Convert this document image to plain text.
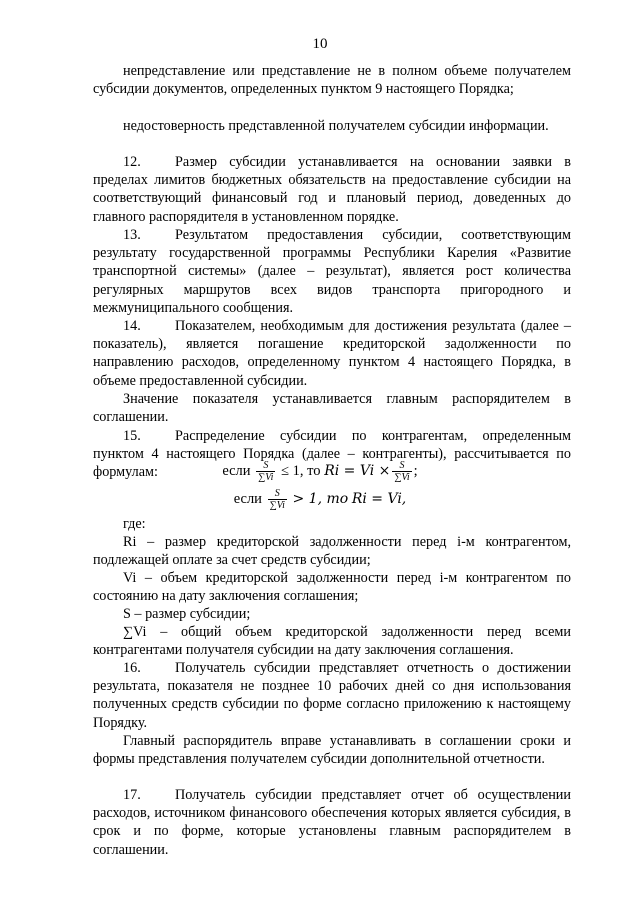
10

непредставление или представление не в полном объеме получателем субсидии документов, определенных пунктом 9 настоящего Порядка;

недостоверность представленной получателем субсидии информации.

12. Размер субсидии устанавливается на основании заявки в пределах лимитов бюджетных обязательств на предоставление субсидии на соответствующий финансовый год и плановый период, доведенных до главного распорядителя в установленном порядке.

13. Результатом предоставления субсидии, соответствующим результату государственной программы Республики Карелия «Развитие транспортной системы» (далее – результат), является рост количества регулярных маршрутов всех видов транспорта пригородного и межмуниципального сообщения.

14. Показателем, необходимым для достижения результата (далее – показатель), является погашение кредиторской задолженности по направлению расходов, определенному пунктом 4 настоящего Порядка, в объеме предоставленной субсидии.

Значение показателя устанавливается главным распорядителем в соглашении.

15. Распределение субсидии по контрагентам, определенным пунктом 4 настоящего Порядка (далее – контрагенты), рассчитывается по формулам:	если $\frac{S}{\sum Vi} \le 1$, то $Ri = Vi \times \frac{S}{\sum Vi}$ ;
если $\frac{S}{\sum Vi} > 1$, то Ri = Vi,

где:

Ri – размер кредиторской задолженности перед i-м контрагентом, подлежащей оплате за счет средств субсидии;

Vi – объем кредиторской задолженности перед i-м контрагентом по состоянию на дату заключения соглашения;

S – размер субсидии;

∑Vi – общий объем кредиторской задолженности перед всеми контрагентами получателя субсидии на дату заключения соглашения.

16. Получатель субсидии представляет отчетность о достижении результата, показателя не позднее 10 рабочих дней со дня использования полученных средств субсидии по форме согласно приложению к настоящему Порядку.

Главный распорядитель вправе устанавливать в соглашении сроки и формы представления получателем субсидии дополнительной отчетности.

17. Получатель субсидии представляет отчет об осуществлении расходов, источником финансового обеспечения которых является субсидия, в срок и по форме, которые установлены главным распорядителем в соглашении.
